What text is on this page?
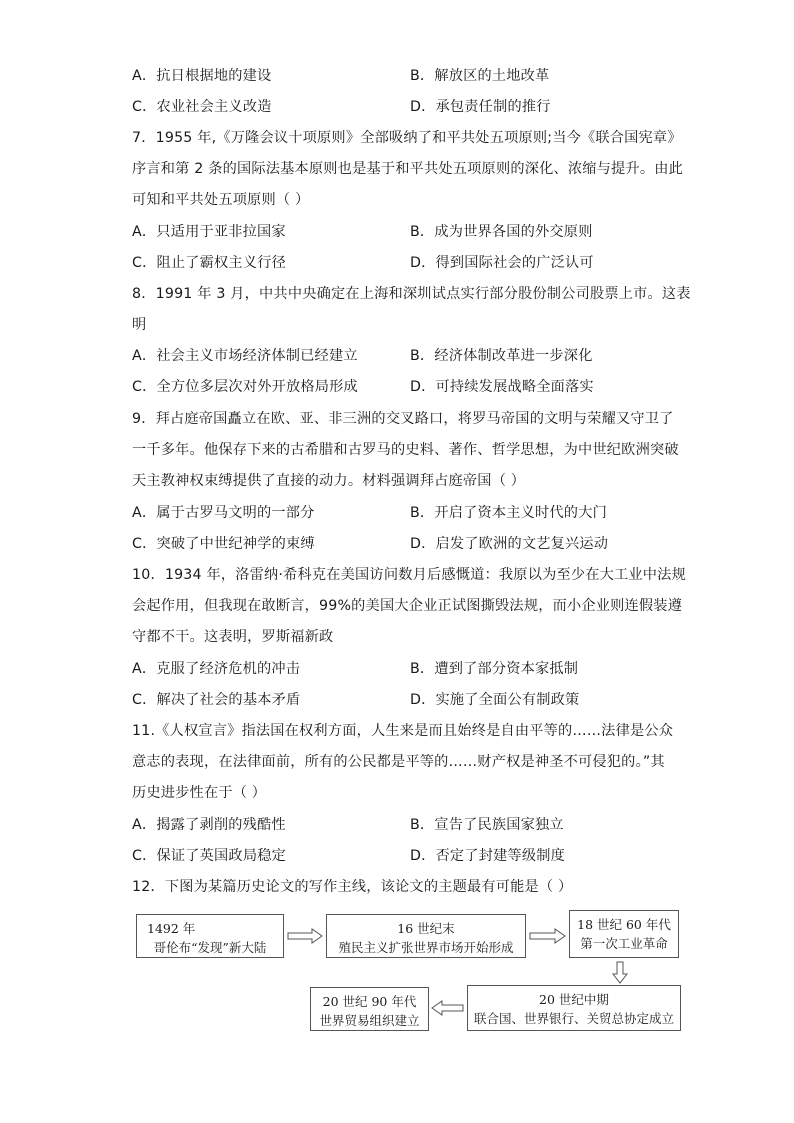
A．抗日根据地的建设	B．解放区的土地改革
C．农业社会主义改造	D．承包责任制的推行
7．1955 年,《万隆会议十项原则》全部吸纳了和平共处五项原则;当今《联合国宪章》
序言和第 2 条的国际法基本原则也是基于和平共处五项原则的深化、浓缩与提升。由此
可知和平共处五项原则（ ）
A．只适用于亚非拉国家	B．成为世界各国的外交原则
C．阻止了霸权主义行径	D．得到国际社会的广泛认可
8．1991 年 3 月，中共中央确定在上海和深圳试点实行部分股份制公司股票上市。这表
明
A．社会主义市场经济体制已经建立	B．经济体制改革进一步深化
C．全方位多层次对外开放格局形成	D．可持续发展战略全面落实
9．拜占庭帝国矗立在欧、亚、非三洲的交叉路口，将罗马帝国的文明与荣耀又守卫了
一千多年。他保存下来的古希腊和古罗马的史料、著作、哲学思想，为中世纪欧洲突破
天主教神权束缚提供了直接的动力。材料强调拜占庭帝国（ ）
A．属于古罗马文明的一部分	B．开启了资本主义时代的大门
C．突破了中世纪神学的束缚	D．启发了欧洲的文艺复兴运动
10．1934 年，洛雷纳·希科克在美国访问数月后感慨道：我原以为至少在大工业中法规
会起作用，但我现在敢断言，99%的美国大企业正试图撕毁法规，而小企业则连假装遵
守都不干。这表明，罗斯福新政
A．克服了经济危机的冲击	B．遭到了部分资本家抵制
C．解决了社会的基本矛盾	D．实施了全面公有制政策
11.《人权宣言》指法国在权利方面，人生来是而且始终是自由平等的……法律是公众
意志的表现，在法律面前，所有的公民都是平等的……财产权是神圣不可侵犯的。”其
历史进步性在于（ ）
A．揭露了剥削的残酷性	B．宣告了民族国家独立
C．保证了英国政局稳定	D．否定了封建等级制度
12．下图为某篇历史论文的写作主线，该论文的主题最有可能是（ ）
1492 年
哥伦布“发现”新大陆
16 世纪末
殖民主义扩张世界市场开始形成
18 世纪 60 年代
第一次工业革命
20 世纪中期
联合国、世界银行、关贸总协定成立
20 世纪 90 年代
世界贸易组织建立
